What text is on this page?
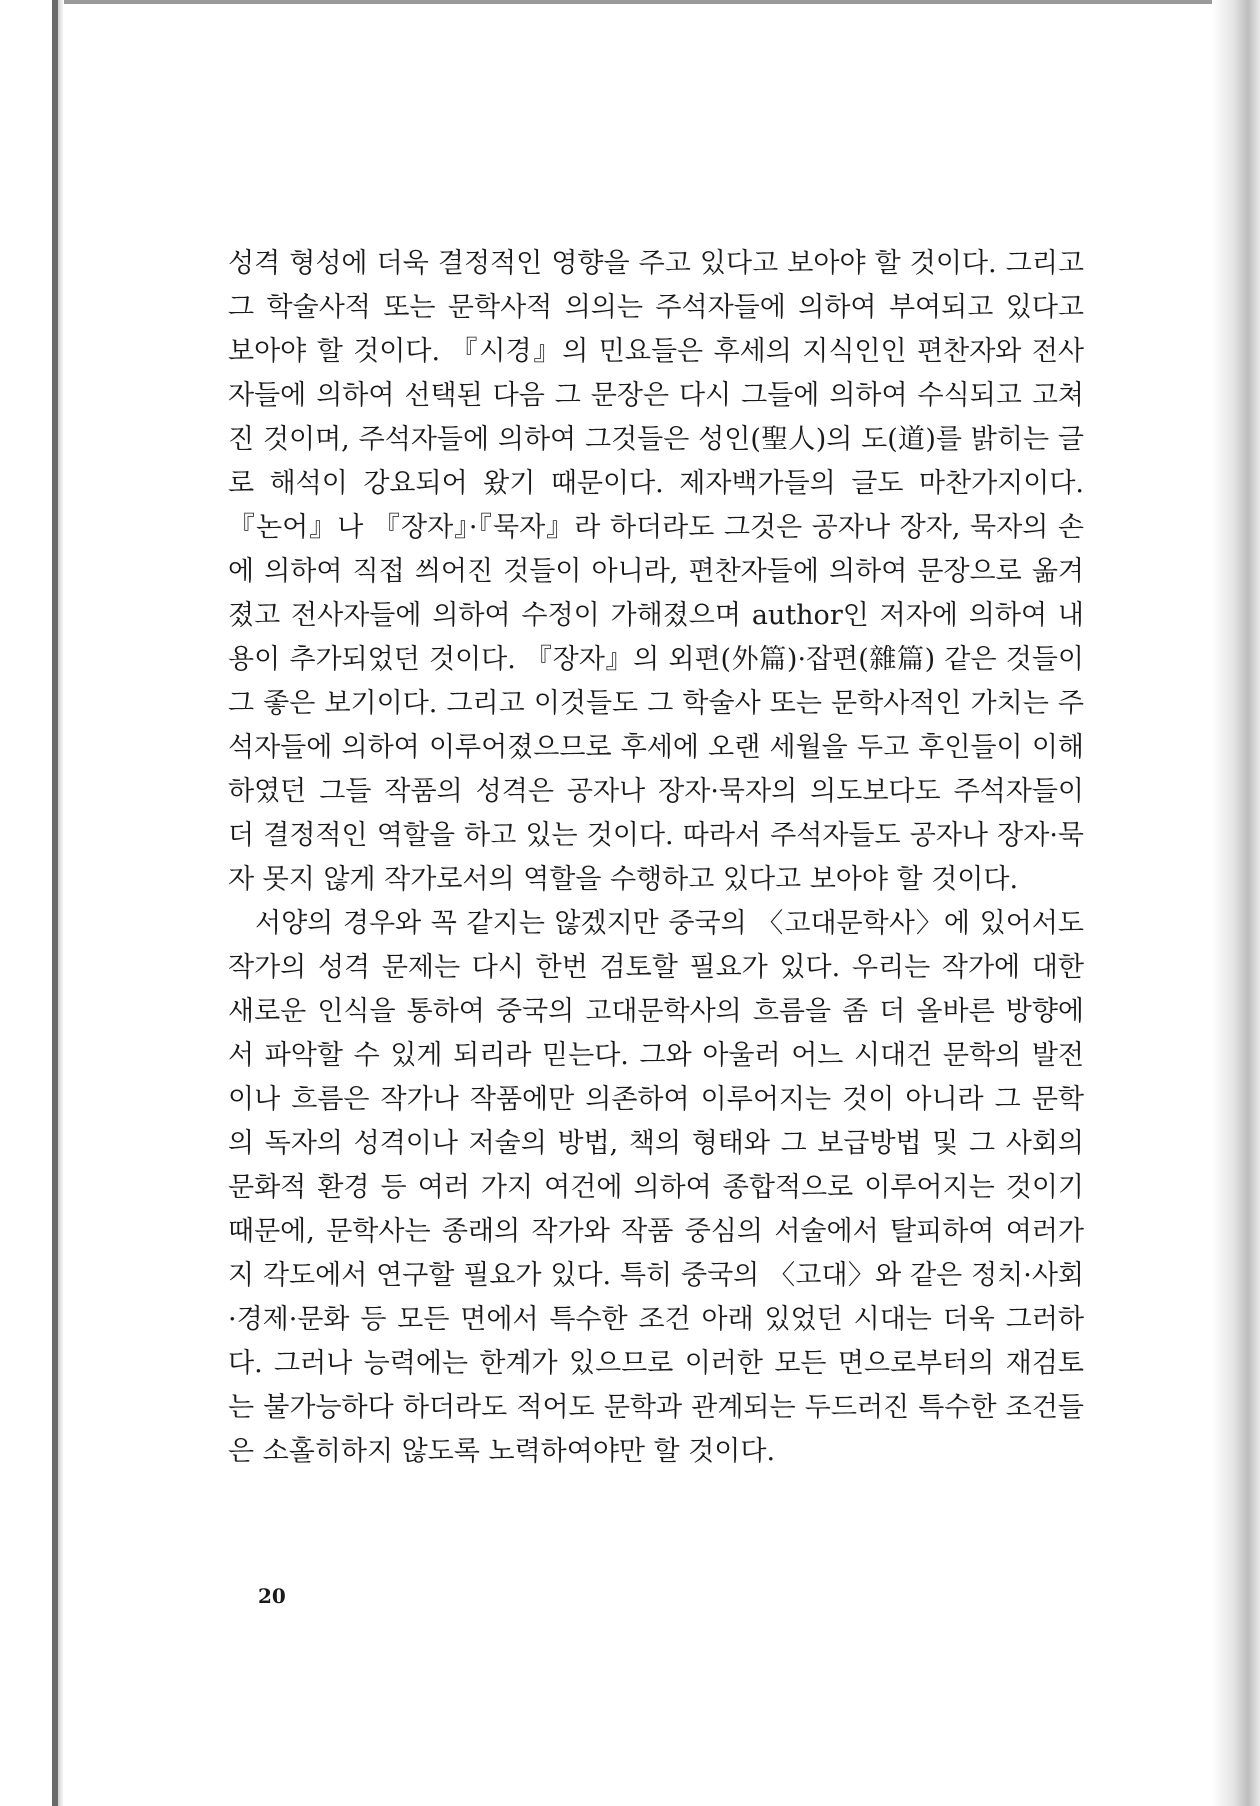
성격 형성에 더욱 결정적인 영향을 주고 있다고 보아야 할 것이다. 그리고 그 학술사적 또는 문학사적 의의는 주석자들에 의하여 부여되고 있다고 보아야 할 것이다. 『시경』의 민요들은 후세의 지식인인 편찬자와 전사자들에 의하여 선택된 다음 그 문장은 다시 그들에 의하여 수식되고 고쳐진 것이며, 주석자들에 의하여 그것들은 성인(聖人)의 도(道)를 밝히는 글로 해석이 강요되어 왔기 때문이다. 제자백가들의 글도 마찬가지이다. 『논어』나 『장자』·『묵자』라 하더라도 그것은 공자나 장자, 묵자의 손에 의하여 직접 씌어진 것들이 아니라, 편찬자들에 의하여 문장으로 옮겨졌고 전사자들에 의하여 수정이 가해졌으며 author인 저자에 의하여 내용이 추가되었던 것이다. 『장자』의 외편(外篇)·잡편(雜篇) 같은 것들이 그 좋은 보기이다. 그리고 이것들도 그 학술사 또는 문학사적인 가치는 주석자들에 의하여 이루어졌으므로 후세에 오랜 세월을 두고 후인들이 이해하였던 그들 작품의 성격은 공자나 장자·묵자의 의도보다도 주석자들이 더 결정적인 역할을 하고 있는 것이다. 따라서 주석자들도 공자나 장자·묵자 못지 않게 작가로서의 역할을 수행하고 있다고 보아야 할 것이다.

서양의 경우와 꼭 같지는 않겠지만 중국의 〈고대문학사〉에 있어서도 작가의 성격 문제는 다시 한번 검토할 필요가 있다. 우리는 작가에 대한 새로운 인식을 통하여 중국의 고대문학사의 흐름을 좀 더 올바른 방향에서 파악할 수 있게 되리라 믿는다. 그와 아울러 어느 시대건 문학의 발전이나 흐름은 작가나 작품에만 의존하여 이루어지는 것이 아니라 그 문학의 독자의 성격이나 저술의 방법, 책의 형태와 그 보급방법 및 그 사회의 문화적 환경 등 여러 가지 여건에 의하여 종합적으로 이루어지는 것이기 때문에, 문학사는 종래의 작가와 작품 중심의 서술에서 탈피하여 여러가지 각도에서 연구할 필요가 있다. 특히 중국의 〈고대〉와 같은 정치·사회·경제·문화 등 모든 면에서 특수한 조건 아래 있었던 시대는 더욱 그러하다. 그러나 능력에는 한계가 있으므로 이러한 모든 면으로부터의 재검토는 불가능하다 하더라도 적어도 문학과 관계되는 두드러진 특수한 조건들은 소홀히하지 않도록 노력하여야만 할 것이다.

20
